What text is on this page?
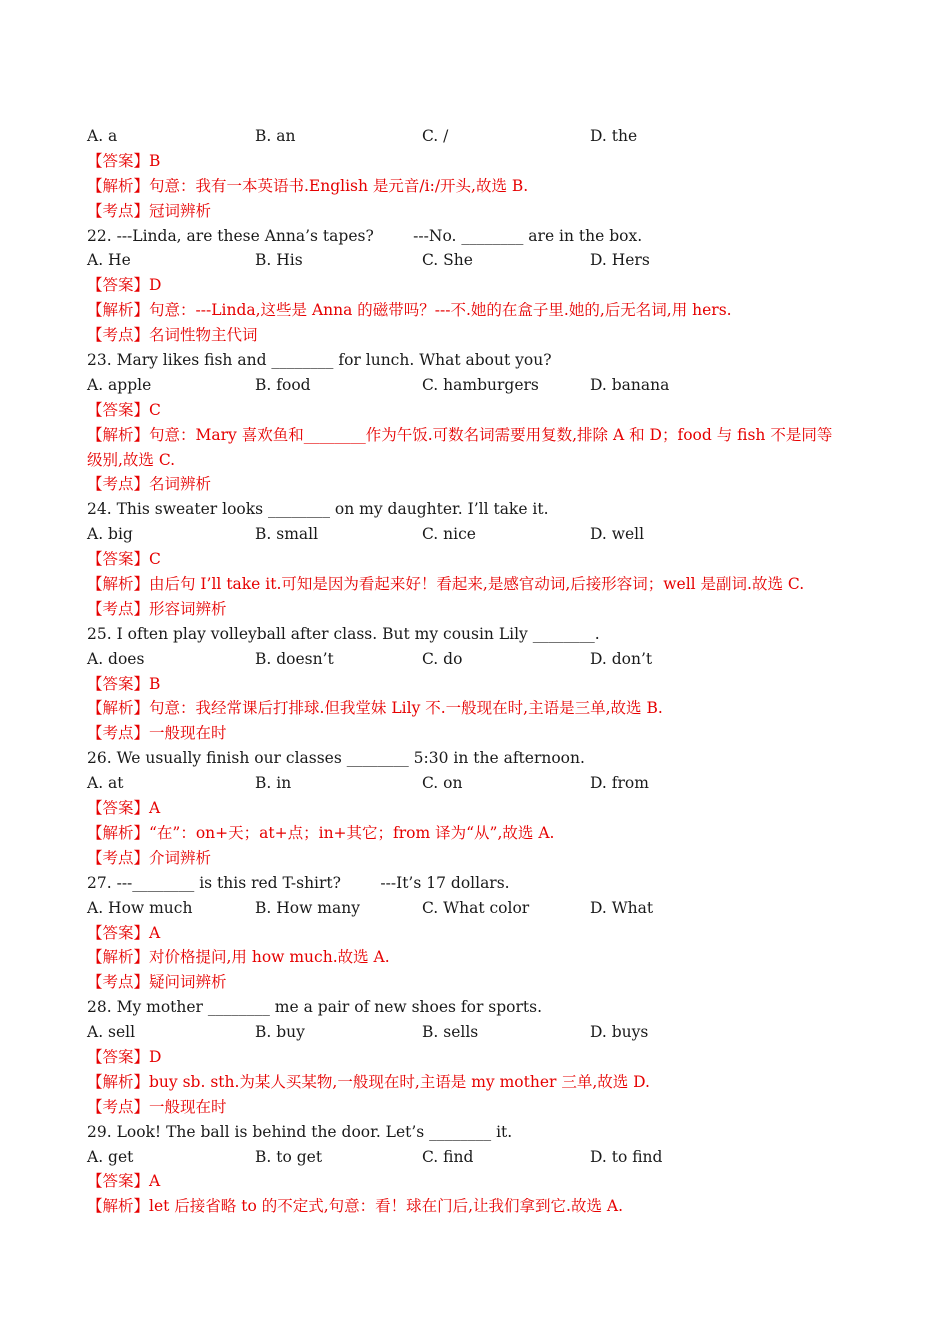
A. a	B. an	C. /	D. the
【答案】B
【解析】句意：我有一本英语书.English 是元音/i:/开头,故选 B.
【考点】冠词辨析
22. ---Linda, are these Anna’s tapes?        ---No. ________ are in the box.
A. He	B. His	C. She	D. Hers
【答案】D
【解析】句意：---Linda,这些是 Anna 的磁带吗？---不.她的在盒子里.她的,后无名词,用 hers.
【考点】名词性物主代词
23. Mary likes fish and ________ for lunch. What about you?
A. apple	B. food	C. hamburgers	D. banana
【答案】C
【解析】句意：Mary 喜欢鱼和________作为午饭.可数名词需要用复数,排除 A 和 D；food 与 fish 不是同等
级别,故选 C.
【考点】名词辨析
24. This sweater looks ________ on my daughter. I’ll take it.
A. big	B. small	C. nice	D. well
【答案】C
【解析】由后句 I’ll take it.可知是因为看起来好！看起来,是感官动词,后接形容词；well 是副词.故选 C.
【考点】形容词辨析
25. I often play volleyball after class. But my cousin Lily ________.
A. does	B. doesn’t	C. do	D. don’t
【答案】B
【解析】句意：我经常课后打排球.但我堂妹 Lily 不.一般现在时,主语是三单,故选 B.
【考点】一般现在时
26. We usually finish our classes ________ 5:30 in the afternoon.
A. at	B. in	C. on	D. from
【答案】A
【解析】“在”：on+天；at+点；in+其它；from 译为“从”,故选 A.
【考点】介词辨析
27. ---________ is this red T-shirt?        ---It’s 17 dollars.
A. How much	B. How many	C. What color	D. What
【答案】A
【解析】对价格提问,用 how much.故选 A.
【考点】疑问词辨析
28. My mother ________ me a pair of new shoes for sports.
A. sell	B. buy	B. sells	D. buys
【答案】D
【解析】buy sb. sth.为某人买某物,一般现在时,主语是 my mother 三单,故选 D.
【考点】一般现在时
29. Look! The ball is behind the door. Let’s ________ it.
A. get	B. to get	C. find	D. to find
【答案】A
【解析】let 后接省略 to 的不定式,句意：看！球在门后,让我们拿到它.故选 A.
